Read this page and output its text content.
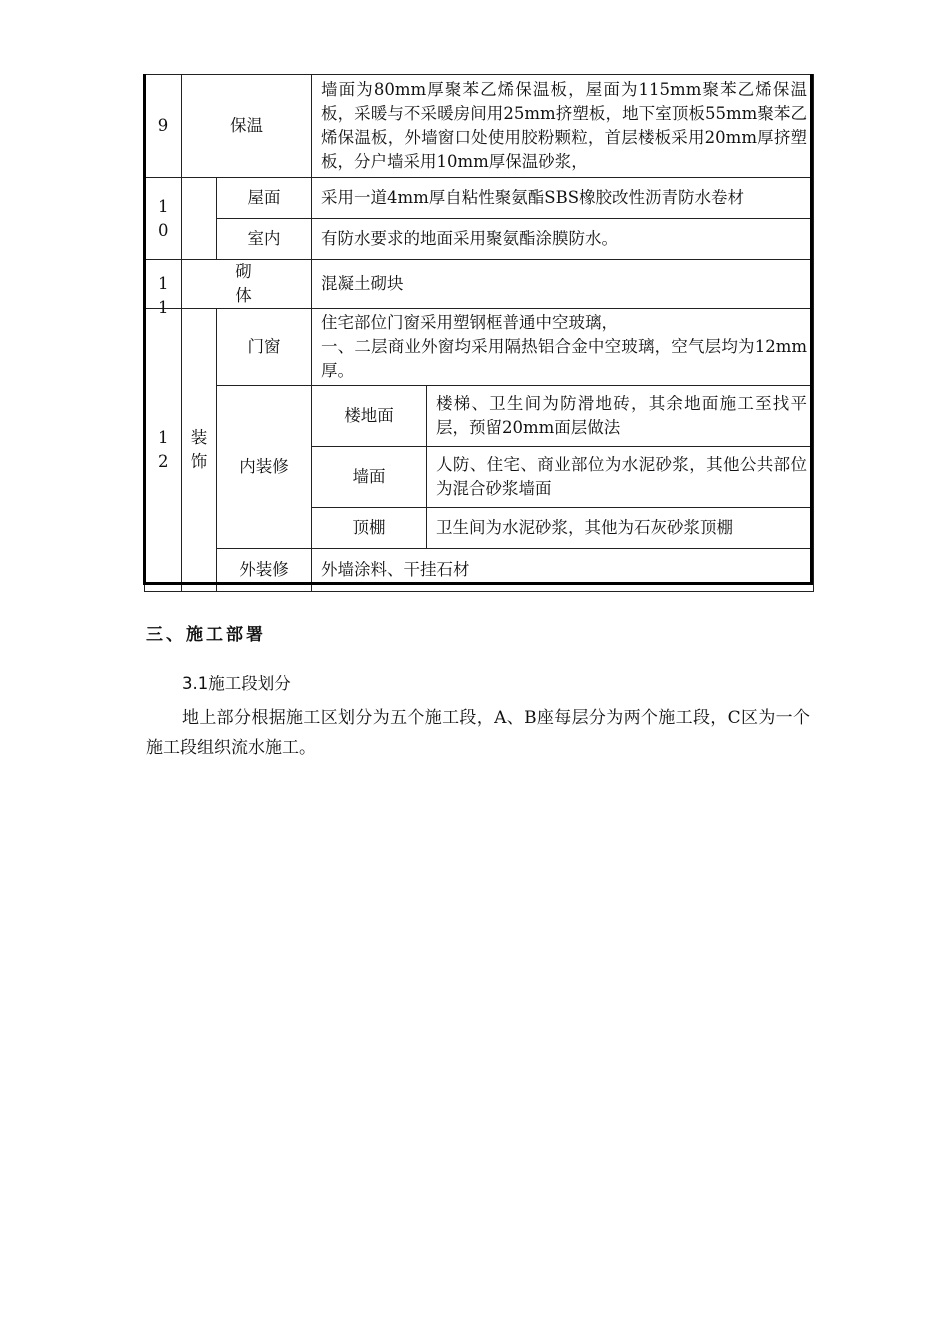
9	保温		墙面为80mm厚聚苯乙烯保温板，屋面为115mm聚苯乙烯保温板，采暖与不采暖房间用25mm挤塑板，地下室顶板55mm聚苯乙烯保温板，外墙窗口处使用胶粉颗粒，首层楼板采用20mm厚挤塑板，分户墙采用10mm厚保温砂浆，	

10		屋面	采用一道4mm厚自粘性聚氨酯SBS橡胶改性沥青防水卷材	
		室内	有防水要求的地面采用聚氨酯涂膜防水。	

11	砌体		混凝土砌块	

12	装饰	门窗	住宅部位门窗采用塑钢框普通中空玻璃，
一、二层商业外窗均采用隔热铝合金中空玻璃，空气层均为12mm厚。	

		内装修	楼地面	楼梯、卫生间为防滑地砖，其余地面施工至找平层，预留20mm面层做法
			墙面	人防、住宅、商业部位为水泥砂浆，其他公共部位为混合砂浆墙面
			顶棚	卫生间为水泥砂浆，其他为石灰砂浆顶棚
		外装修	外墙涂料、干挂石材	
三、施工部署
3.1施工段划分
地上部分根据施工区划分为五个施工段，A、B座每层分为两个施工段，C区为一个施工段组织流水施工。
